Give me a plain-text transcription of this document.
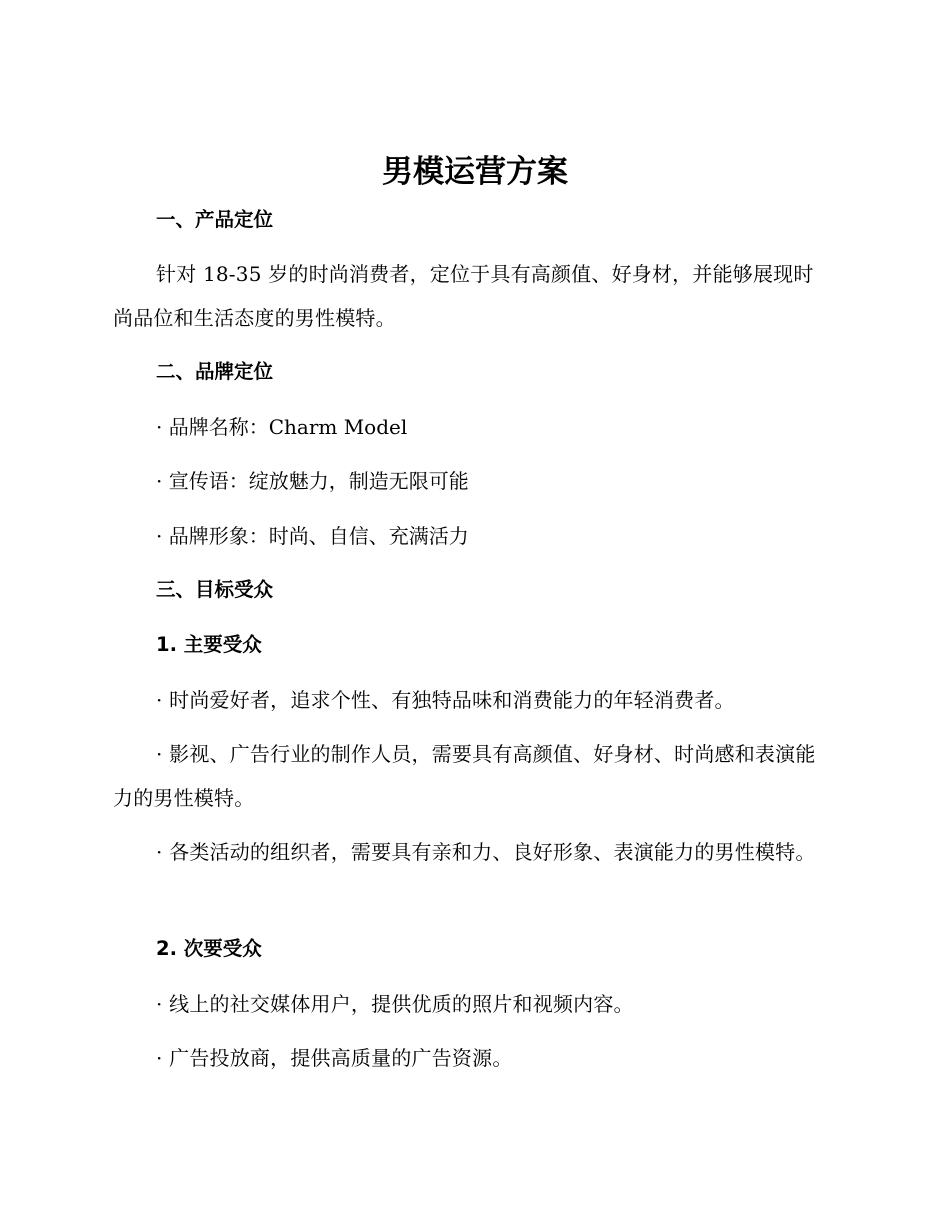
男模运营方案
一、产品定位

针对 18-35 岁的时尚消费者，定位于具有高颜值、好身材，并能够展现时尚品位和生活态度的男性模特。

二、品牌定位
· 品牌名称：Charm Model
· 宣传语：绽放魅力，制造无限可能
· 品牌形象：时尚、自信、充满活力
三、目标受众
1. 主要受众

· 时尚爱好者，追求个性、有独特品味和消费能力的年轻消费者。

· 影视、广告行业的制作人员，需要具有高颜值、好身材、时尚感和表演能力的男性模特。

· 各类活动的组织者，需要具有亲和力、良好形象、表演能力的男性模特。

2. 次要受众

· 线上的社交媒体用户，提供优质的照片和视频内容。

· 广告投放商，提供高质量的广告资源。
